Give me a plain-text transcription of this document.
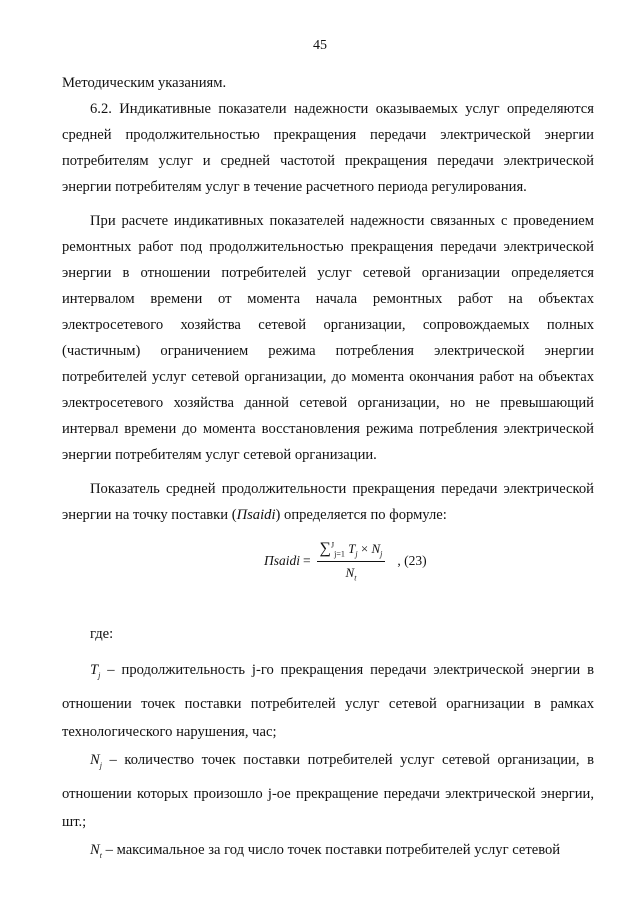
45

Методическим указаниям.

6.2. Индикативные показатели надежности оказываемых услуг определяются средней продолжительностью прекращения передачи электрической энергии потребителям услуг и средней частотой прекращения передачи электрической энергии потребителям услуг в течение расчетного периода регулирования.

При расчете индикативных показателей надежности связанных с проведением ремонтных работ под продолжительностью прекращения передачи электрической энергии в отношении потребителей услуг сетевой организации определяется интервалом времени от момента начала ремонтных работ на объектах электросетевого хозяйства сетевой организации, сопровождаемых полных (частичным) ограничением режима потребления электрической энергии потребителей услуг сетевой организации, до момента окончания работ на объектах электросетевого хозяйства данной сетевой организации, но не превышающий интервал времени до момента восстановления режима потребления электрической энергии потребителям услуг сетевой организации.

Показатель средней продолжительности прекращения передачи электрической энергии на точку поставки (Пsaidi) определяется по формуле:

Пsaidi = $\frac{\sum^J_{j=1} T_j \times N_j}{N_t}$ , (23)

где:

$T_j$ – продолжительность j-го прекращения передачи электрической энергии в отношении точек поставки потребителей услуг сетевой орагнизации в рамках технологического нарушения, час;

$N_j$ – количество точек поставки потребителей услуг сетевой организации, в отношении которых произошло j-ое прекращение передачи электрической энергии, шт.;

$N_t$ – максимальное за год число точек поставки потребителей услуг сетевой
